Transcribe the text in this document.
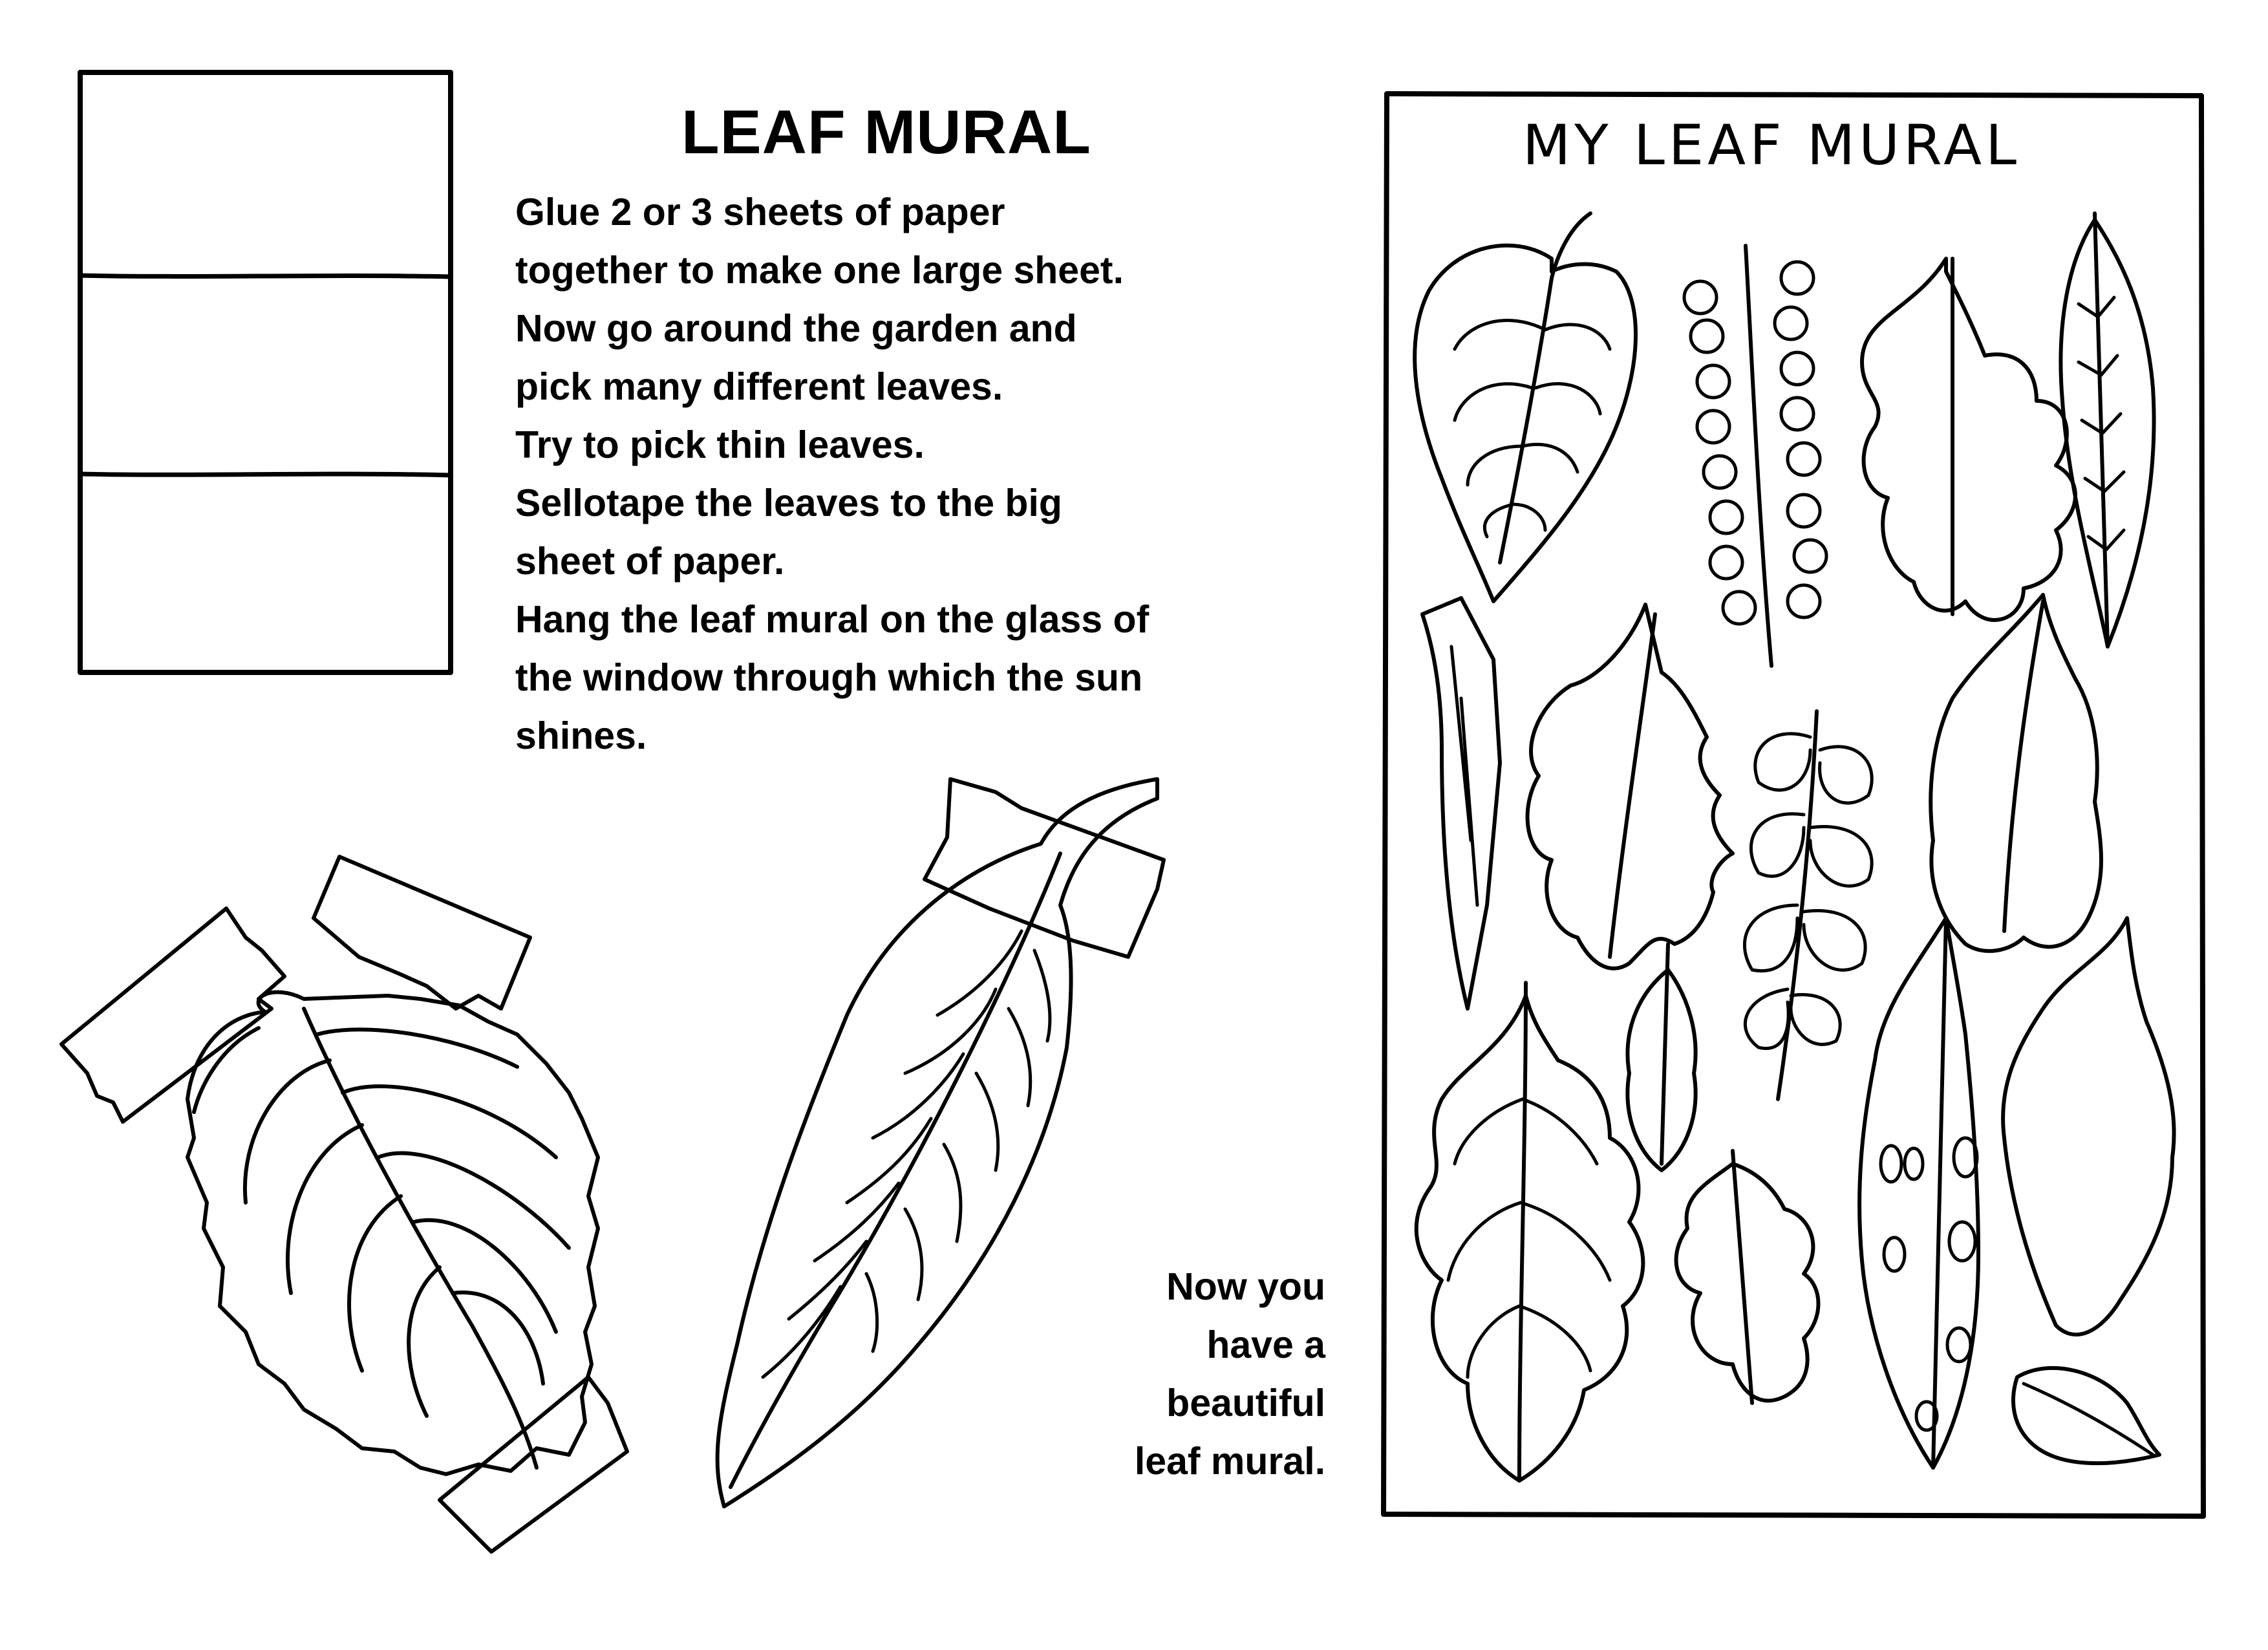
LEAF MURAL
Glue 2 or 3 sheets of paper
together to make one large sheet.
Now go around the garden and
pick many different leaves.
Try to pick thin leaves.
Sellotape the leaves to the big
sheet of paper.
Hang the leaf mural on the glass of
the window through which the sun
shines.
Now you
have a
beautiful
leaf mural.
MY LEAF MURAL
